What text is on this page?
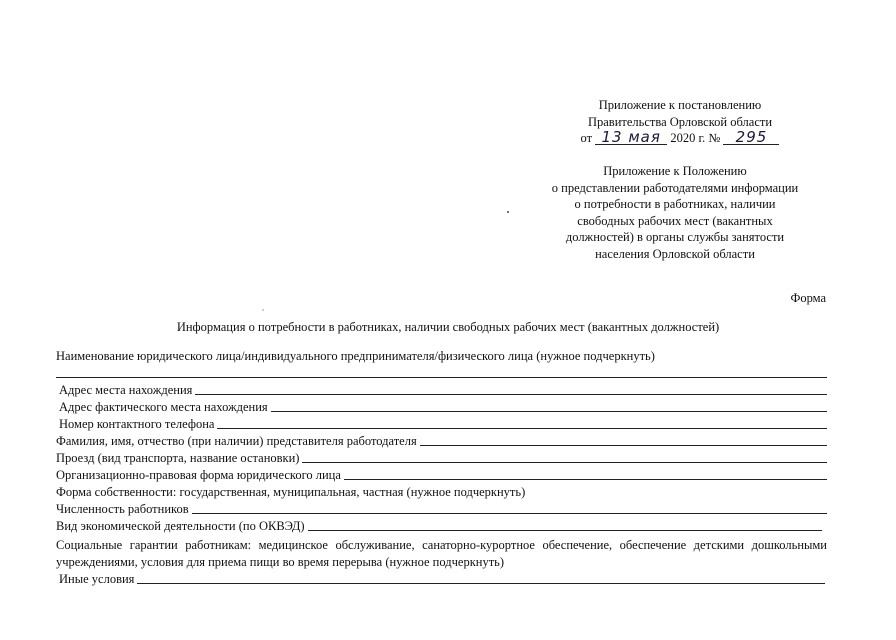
Приложение к постановлению
Правительства Орловской области
от 13 мая 2020 г. № 295
Приложение к Положению
о представлении работодателями информации
о потребности в работниках, наличии
свободных рабочих мест (вакантных
должностей) в органы службы занятости
населения Орловской области
Форма
Информация о потребности в работниках, наличии свободных рабочих мест (вакантных должностей)
Наименование юридического лица/индивидуального предпринимателя/физического лица (нужное подчеркнуть)
Адрес места нахождения
Адрес фактического места нахождения
Номер контактного телефона
Фамилия, имя, отчество (при наличии) представителя работодателя
Проезд (вид транспорта, название остановки)
Организационно-правовая форма юридического лица
Форма собственности: государственная, муниципальная, частная (нужное подчеркнуть)
Численность работников
Вид экономической деятельности (по ОКВЭД)
Социальные гарантии работникам: медицинское обслуживание, санаторно-курортное обеспечение, обеспечение детскими дошкольными учреждениями, условия для приема пищи во время перерыва (нужное подчеркнуть)
Иные условия
